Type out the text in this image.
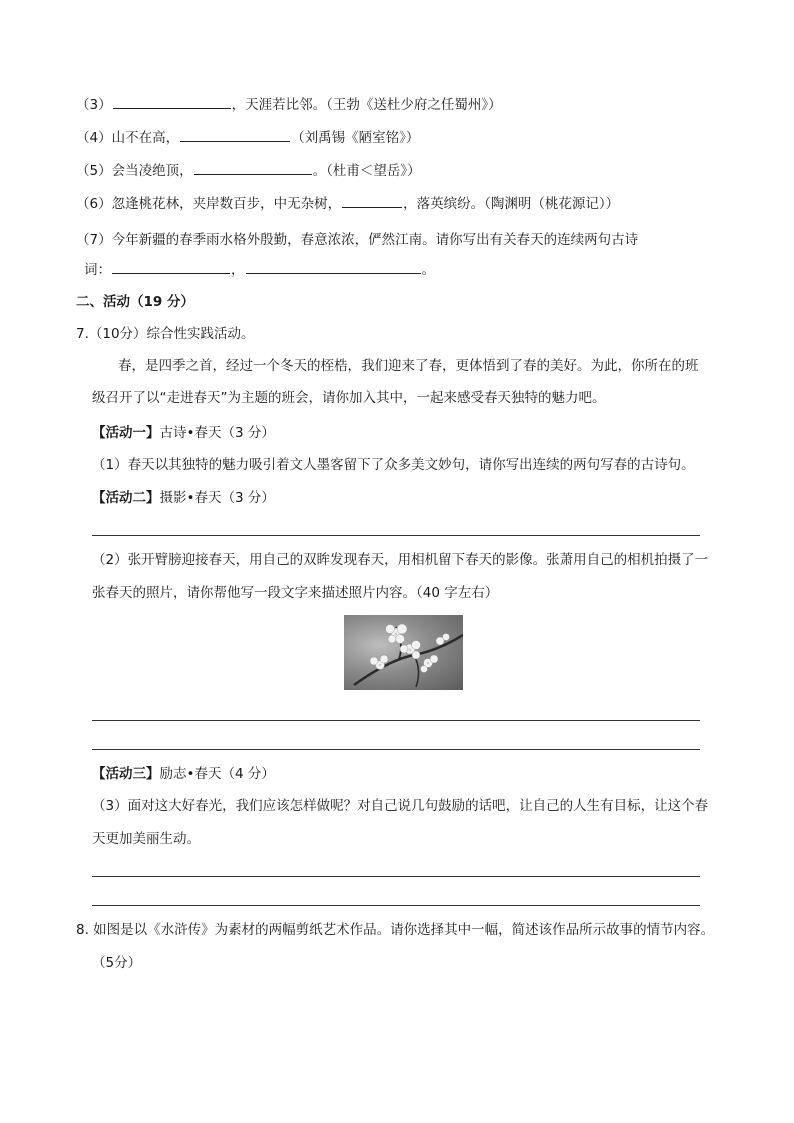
（3）	，天涯若比邻。（王勃《送杜少府之任蜀州》）
（4）山不在高，	（刘禹锡《陋室铭》）
（5）会当凌绝顶，	。（杜甫＜望岳》）
（6）忽逢桃花林，夹岸数百步，中无杂树，	，落英缤纷。（陶渊明（桃花源记））
（7）今年新疆的春季雨水格外殷勤，春意浓浓，俨然江南。请你写出有关春天的连续两句古诗
词：	，	。
二、活动（19 分）
7.（10分）综合性实践活动。
春，是四季之首，经过一个冬天的桎梏，我们迎来了春，更体悟到了春的美好。为此，你所在的班
级召开了以“走进春天”为主题的班会，请你加入其中，一起来感受春天独特的魅力吧。
【活动一】古诗•春天（3 分）
（1）春天以其独特的魅力吸引着文人墨客留下了众多美文妙句，请你写出连续的两句写春的古诗句。
【活动二】摄影•春天（3 分）
（2）张开臂膀迎接春天，用自己的双眸发现春天，用相机留下春天的影像。张萧用自己的相机拍摄了一
张春天的照片，请你帮他写一段文字来描述照片内容。（40 字左右）
【活动三】励志•春天（4 分）
（3）面对这大好春光，我们应该怎样做呢？对自己说几句鼓励的话吧，让自己的人生有目标，让这个春
天更加美丽生动。
8. 如图是以《水浒传》为素材的两幅剪纸艺术作品。请你选择其中一幅，简述该作品所示故事的情节内容。
（5分）
